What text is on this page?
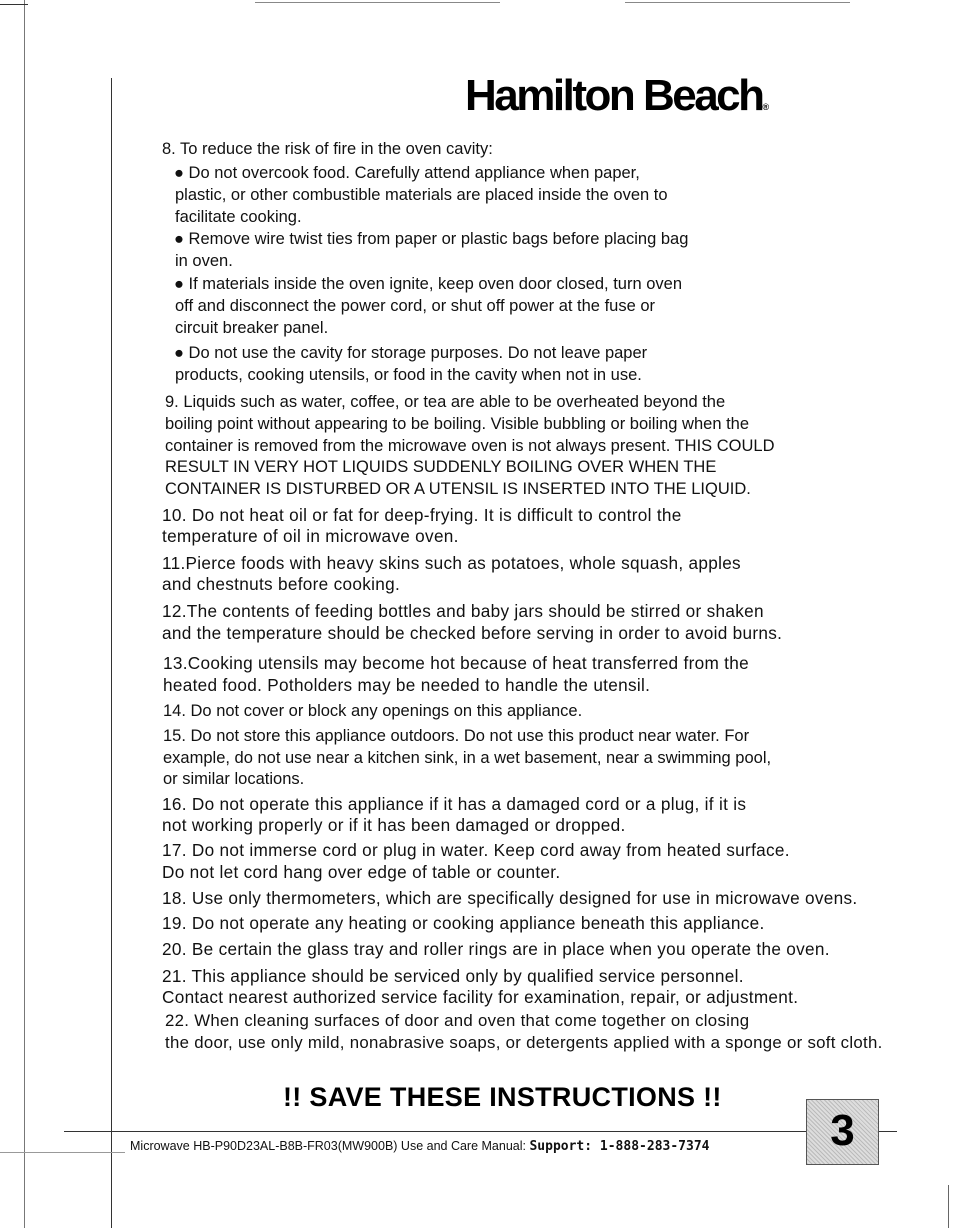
Hamilton Beach®
8. To reduce the risk of fire in the oven cavity:
● Do not overcook food. Carefully attend appliance when paper,
plastic, or other combustible materials are placed inside the oven to
facilitate cooking.
● Remove wire twist ties from paper or plastic bags before placing bag
in oven.
● If materials inside the oven ignite, keep oven door closed, turn oven
off and disconnect the power cord, or shut off power at the fuse or
circuit breaker panel.
● Do not use the cavity for storage purposes. Do not leave paper
products, cooking utensils, or food in the cavity when not in use.
9. Liquids such as water, coffee, or tea are able to be overheated beyond the
boiling point without appearing to be boiling. Visible bubbling or boiling when the
container is removed from the microwave oven is not always present. THIS COULD
RESULT IN VERY HOT LIQUIDS SUDDENLY BOILING OVER WHEN THE
CONTAINER IS DISTURBED OR A UTENSIL IS INSERTED INTO THE LIQUID.
10. Do not heat oil or fat for deep-frying. It is difficult to control the
temperature of oil in microwave oven.
11.Pierce foods with heavy skins such as potatoes, whole squash, apples
and chestnuts before cooking.
12.The contents of feeding bottles and baby jars should be stirred or shaken
and the temperature should be checked before serving in order to avoid burns.
13.Cooking utensils may become hot because of heat transferred from the
heated food. Potholders may be needed to handle the utensil.
14. Do not cover or block any openings on this appliance.
15. Do not store this appliance outdoors. Do not use this product near water. For
example, do not use near a kitchen sink, in a wet basement, near a swimming pool,
or similar locations.
16. Do not operate this appliance if it has a damaged cord or a plug, if it is
not working properly or if it has been damaged or dropped.
17. Do not immerse cord or plug in water. Keep cord away from heated surface.
Do not let cord hang over edge of table or counter.
18. Use only thermometers, which are specifically designed for use in microwave ovens.
19. Do not operate any heating or cooking appliance beneath this appliance.
20. Be certain the glass tray and roller rings are in place when you operate the oven.
21. This appliance should be serviced only by qualified service personnel.
Contact nearest authorized service facility for examination, repair, or adjustment.
22. When cleaning surfaces of door and oven that come together on closing
the door, use only mild, nonabrasive soaps, or detergents applied with a sponge or soft cloth.
!! SAVE THESE INSTRUCTIONS !!
Microwave HB-P90D23AL-B8B-FR03(MW900B) Use and Care Manual: Support: 1-888-283-7374	3
